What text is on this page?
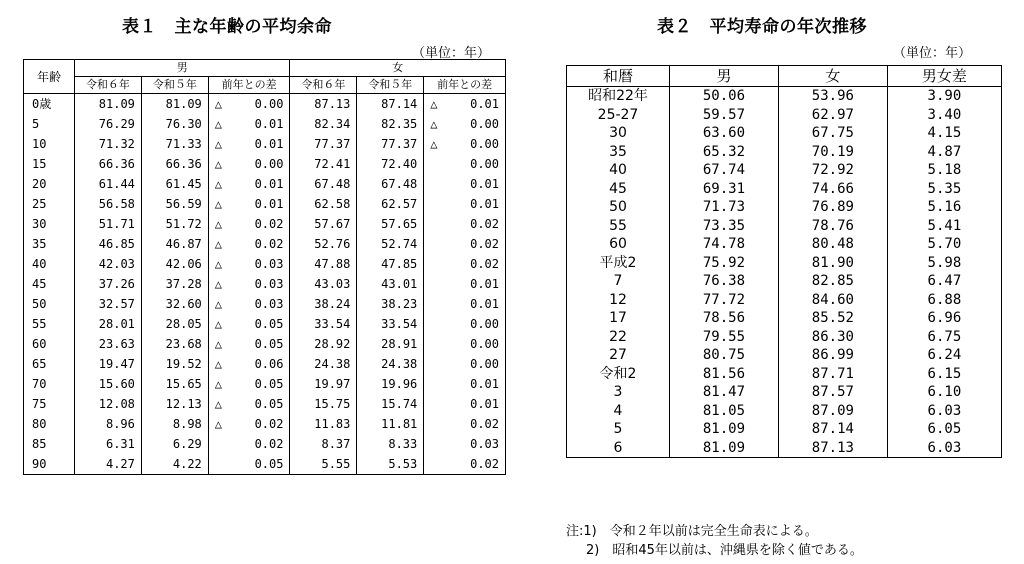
表１　主な年齢の平均余命
（単位：年）
年齢	男			女		
	令和６年	令和５年	前年との差	令和６年	令和５年	前年との差
0歳	81.09	81.09	△ 0.00	87.13	87.14	△ 0.01
5	76.29	76.30	△ 0.01	82.34	82.35	△ 0.00
10	71.32	71.33	△ 0.01	77.37	77.37	△ 0.00
15	66.36	66.36	△ 0.00	72.41	72.40	0.00
20	61.44	61.45	△ 0.01	67.48	67.48	0.01
25	56.58	56.59	△ 0.01	62.58	62.57	0.01
30	51.71	51.72	△ 0.02	57.67	57.65	0.02
35	46.85	46.87	△ 0.02	52.76	52.74	0.02
40	42.03	42.06	△ 0.03	47.88	47.85	0.02
45	37.26	37.28	△ 0.03	43.03	43.01	0.01
50	32.57	32.60	△ 0.03	38.24	38.23	0.01
55	28.01	28.05	△ 0.05	33.54	33.54	0.00
60	23.63	23.68	△ 0.05	28.92	28.91	0.00
65	19.47	19.52	△ 0.06	24.38	24.38	0.00
70	15.60	15.65	△ 0.05	19.97	19.96	0.01
75	12.08	12.13	△ 0.05	15.75	15.74	0.01
80	8.96	8.98	△ 0.02	11.83	11.81	0.02
85	6.31	6.29	0.02	8.37	8.33	0.03
90	4.27	4.22	0.05	5.55	5.53	0.02
表２　平均寿命の年次推移
（単位：年）
和暦	男	女	男女差
昭和22年	50.06	53.96	3.90
25-27	59.57	62.97	3.40
30	63.60	67.75	4.15
35	65.32	70.19	4.87
40	67.74	72.92	5.18
45	69.31	74.66	5.35
50	71.73	76.89	5.16
55	73.35	78.76	5.41
60	74.78	80.48	5.70
平成2	75.92	81.90	5.98
7	76.38	82.85	6.47
12	77.72	84.60	6.88
17	78.56	85.52	6.96
22	79.55	86.30	6.75
27	80.75	86.99	6.24
令和2	81.56	87.71	6.15
3	81.47	87.57	6.10
4	81.05	87.09	6.03
5	81.09	87.14	6.05
6	81.09	87.13	6.03
注:1)　令和２年以前は完全生命表による。
2)　昭和45年以前は、沖縄県を除く値である。
